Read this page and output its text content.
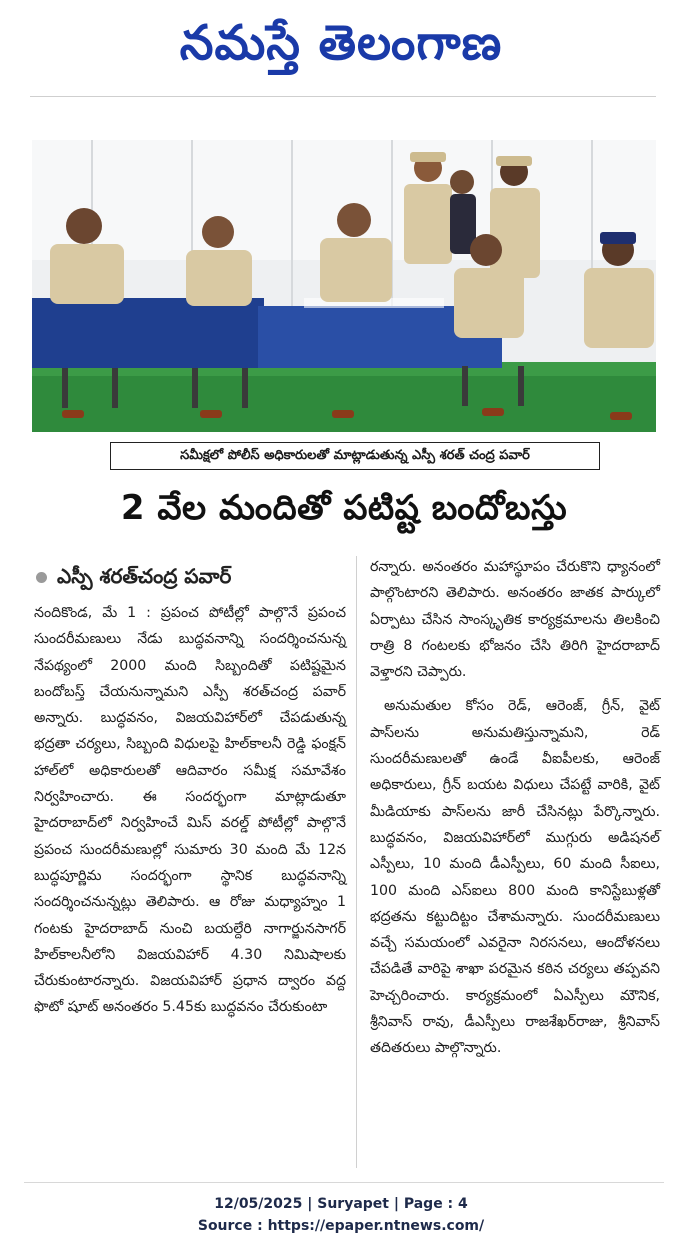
నమస్తే తెలంగాణ
సమీక్షలో పోలీస్ అధికారులతో మాట్లాడుతున్న ఎస్పీ శరత్ చంద్ర పవార్
2 వేల మందితో పటిష్ట బందోబస్తు
ఎస్పీ శరత్‌చంద్ర పవార్

నందికొండ, మే 1 : ప్రపంచ పోటీల్లో పాల్గొనే ప్రపంచ సుందరీమణులు నేడు బుద్ధవనాన్ని సందర్శించనున్న నేపథ్యంలో 2000 మంది సిబ్బందితో పటిష్టమైన బందోబస్త్ చేయనున్నామని ఎస్పీ శరత్‌చంద్ర పవార్ అన్నారు. బుద్ధవనం, విజయవిహార్‌లో చేపడుతున్న భద్రతా చర్యలు, సిబ్బంది విధులపై హిల్‌కాలనీ రెడ్డి ఫంక్షన్ హాల్‌లో అధికారులతో ఆదివారం సమీక్ష సమావేశం నిర్వహించారు. ఈ సందర్భంగా మాట్లాడుతూ హైదరాబాద్‌లో నిర్వహించే మిస్ వరల్డ్ పోటీల్లో పాల్గొనే ప్రపంచ సుందరీమణుల్లో సుమారు 30 మంది మే 12న బుద్ధపూర్ణిమ సందర్భంగా స్థానిక బుద్ధవనాన్ని సందర్శించనున్నట్లు తెలిపారు. ఆ రోజు మధ్యాహ్నం 1 గంటకు హైదరాబాద్ నుంచి బయల్దేరి నాగార్జునసాగర్ హిల్‌కాలనీలోని విజయవిహార్ 4.30 నిమిషాలకు చేరుకుంటారన్నారు. విజయవిహార్ ప్రధాన ద్వారం వద్ద ఫొటో షూట్ అనంతరం 5.45కు బుద్ధవనం చేరుకుంటా

రన్నారు. అనంతరం మహాస్థూపం చేరుకొని ధ్యానంలో పాల్గొంటారని తెలిపారు. అనంతరం జాతక పార్కులో ఏర్పాటు చేసిన సాంస్కృతిక కార్యక్రమాలను తిలకించి రాత్రి 8 గంటలకు భోజనం చేసి తిరిగి హైదరాబాద్ వెళ్తారని చెప్పారు.

అనుమతుల కోసం రెడ్, ఆరెంజ్, గ్రీన్, వైట్ పాస్‌లను అనుమతిస్తున్నామని, రెడ్ సుందరీమణులతో ఉండే వీఐపీలకు, ఆరెంజ్ అధికారులు, గ్రీన్ బయట విధులు చేపట్టే వారికి, వైట్ మీడియాకు పాస్‌లను జారీ చేసినట్లు పేర్కొన్నారు. బుద్ధవనం, విజయవిహార్‌లో ముగ్గురు అడిషనల్ ఎస్పీలు, 10 మంది డీఎస్పీలు, 60 మంది సీఐలు, 100 మంది ఎస్ఐలు 800 మంది కానిస్టేబుళ్లతో భద్రతను కట్టుదిట్టం చేశామన్నారు. సుందరీమణులు వచ్చే సమయంలో ఎవరైనా నిరసనలు, ఆందోళనలు చేపడితే వారిపై శాఖా పరమైన కఠిన చర్యలు తప్పవని హెచ్చరించారు. కార్యక్రమంలో ఏఎస్పీలు మౌనిక, శ్రీనివాస్ రావు, డీఎస్పీలు రాజశేఖర్‌రాజు, శ్రీనివాస్ తదితరులు పాల్గొన్నారు.

12/05/2025 | Suryapet | Page : 4
Source : https://epaper.ntnews.com/
